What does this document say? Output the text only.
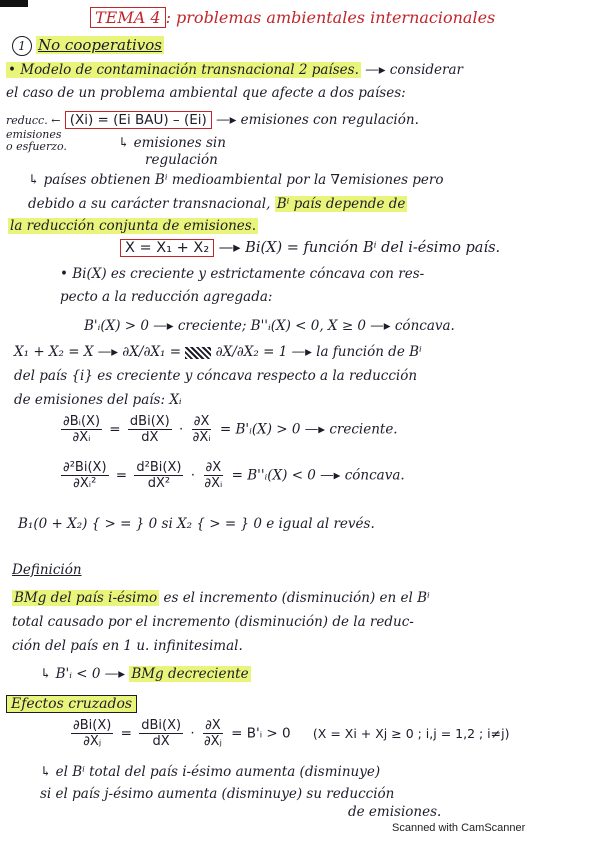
TEMA 4 : problemas ambientales internacionales
1 No cooperativos
• Modelo de contaminación transnacional 2 países. —▸ considerar
el caso de un problema ambiental que afecte a dos países:
reducc. ← (Xi) = (Ei BAU) – (Ei) —▸ emisiones con regulación.
emisiones
o esfuerzo.	↳ emisiones sin
regulación
↳ países obtienen Bⁱ medioambiental por la ∇emisiones pero
debido a su carácter transnacional, Bⁱ país depende de
la reducción conjunta de emisiones.
X = X₁ + X₂ —▸ Bi(X) = función Bⁱ del i-ésimo país.
• Bi(X) es creciente y estrictamente cóncava con res-
pecto a la reducción agregada:
B'ᵢ(X) > 0 —▸ creciente; B''ᵢ(X) < 0, X ≥ 0 —▸ cóncava.
X₁ + X₂ = X —▸ ∂X/∂X₁ =	∂X/∂X₂ = 1 —▸ la función de Bⁱ
del país {i} es creciente y cóncava respecto a la reducción
de emisiones del país: Xᵢ
$\frac{\text{∂Bᵢ(X)}}{\text{∂Xᵢ}} = \frac{\text{dBi(X)}}{dX} \cdot \frac{\partial X}{\text{∂Xᵢ}}$ = B'ᵢ(X) > 0 —▸ creciente.
$\frac{\text{∂²Bi(X)}}{\text{∂Xᵢ²}} = \frac{\text{d²Bi(X)}}{\text{dX²}} \cdot \frac{\partial X}{\text{∂Xᵢ}}$ = B''ᵢ(X) < 0 —▸ cóncava.
B₁(0 + X₂) { > = } 0 si X₂ { > = } 0 e igual al revés.
Definición
BMg del país i-ésimo es el incremento (disminución) en el Bⁱ
total causado por el incremento (disminución) de la reduc-
ción del país en 1 u. infinitesimal.
↳ B'ᵢ < 0 —▸ BMg decreciente
Efectos cruzados
$\frac{\partial Bi(X)}{\text{∂Xⱼ}} = \frac{\text{dBi(X)}}{dX} \cdot \frac{\partial X}{\text{∂Xⱼ}}$ = B'ᵢ > 0 (X = Xi + Xj ≥ 0 ; i,j = 1,2 ; i≠j)
↳ el Bⁱ total del país i-ésimo aumenta (disminuye)
si el país j-ésimo aumenta (disminuye) su reducción
de emisiones.
Scanned with CamScanner
